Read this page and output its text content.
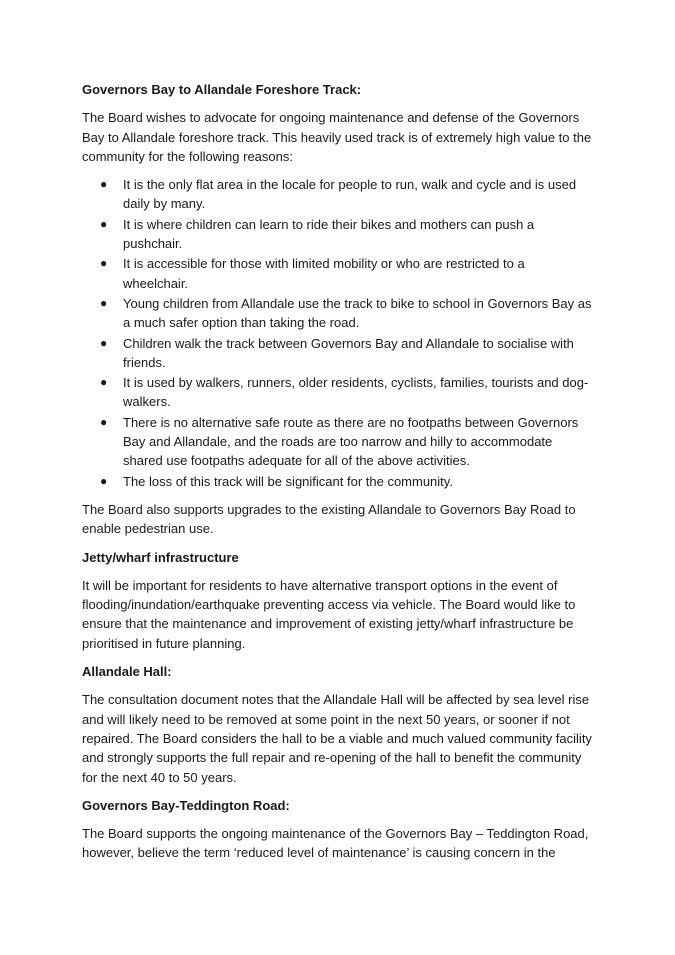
Governors Bay to Allandale Foreshore Track:
The Board wishes to advocate for ongoing maintenance and defense of the Governors Bay to Allandale foreshore track. This heavily used track is of extremely high value to the community for the following reasons:
● It is the only flat area in the locale for people to run, walk and cycle and is used daily by many.
● It is where children can learn to ride their bikes and mothers can push a pushchair.
● It is accessible for those with limited mobility or who are restricted to a wheelchair.
● Young children from Allandale use the track to bike to school in Governors Bay as a much safer option than taking the road.
● Children walk the track between Governors Bay and Allandale to socialise with friends.
● It is used by walkers, runners, older residents, cyclists, families, tourists and dog-walkers.
● There is no alternative safe route as there are no footpaths between Governors Bay and Allandale, and the roads are too narrow and hilly to accommodate shared use footpaths adequate for all of the above activities.
● The loss of this track will be significant for the community.
The Board also supports upgrades to the existing Allandale to Governors Bay Road to enable pedestrian use.
Jetty/wharf infrastructure
It will be important for residents to have alternative transport options in the event of flooding/inundation/earthquake preventing access via vehicle. The Board would like to ensure that the maintenance and improvement of existing jetty/wharf infrastructure be prioritised in future planning.
Allandale Hall:
The consultation document notes that the Allandale Hall will be affected by sea level rise and will likely need to be removed at some point in the next 50 years, or sooner if not repaired. The Board considers the hall to be a viable and much valued community facility and strongly supports the full repair and re-opening of the hall to benefit the community for the next 40 to 50 years.
Governors Bay-Teddington Road:
The Board supports the ongoing maintenance of the Governors Bay – Teddington Road, however, believe the term ‘reduced level of maintenance’ is causing concern in the
